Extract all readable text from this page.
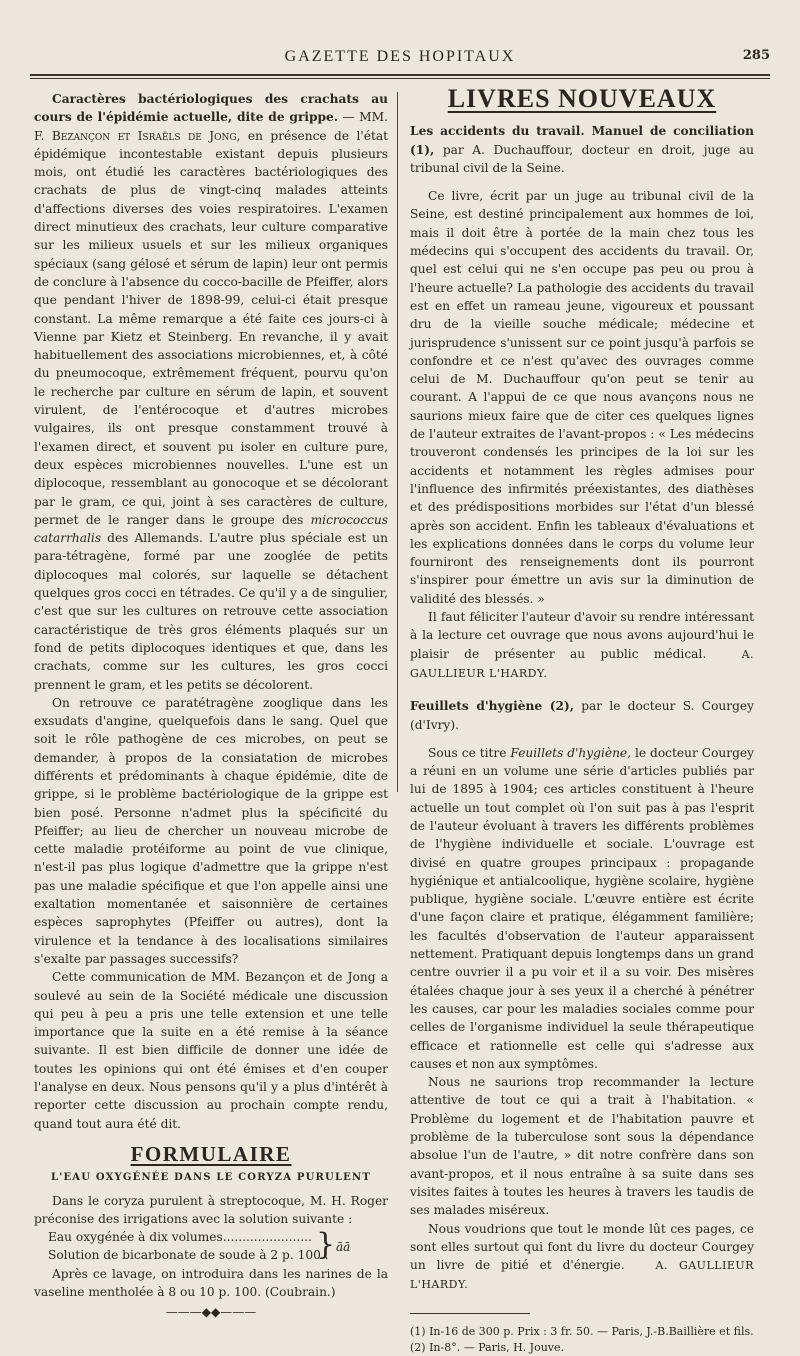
GAZETTE DES HOPITAUX	285

Caractères bactériologiques des crachats au cours de l'épidémie actuelle, dite de grippe. — MM. F. Bezançon et Israëls de Jong, en présence de l'état épidémique incontestable existant depuis plusieurs mois, ont étudié les caractères bactériologiques des crachats de plus de vingt-cinq malades atteints d'affections diverses des voies respiratoires. L'examen direct minutieux des crachats, leur culture comparative sur les milieux usuels et sur les milieux organiques spéciaux (sang gélosé et sérum de lapin) leur ont permis de conclure à l'absence du cocco-bacille de Pfeiffer, alors que pendant l'hiver de 1898-99, celui-ci était presque constant. La même remarque a été faite ces jours-ci à Vienne par Kietz et Steinberg. En revanche, il y avait habituellement des associations microbiennes, et, à côté du pneumocoque, extrêmement fréquent, pourvu qu'on le recherche par culture en sérum de lapin, et souvent virulent, de l'entérocoque et d'autres microbes vulgaires, ils ont presque constamment trouvé à l'examen direct, et souvent pu isoler en culture pure, deux espèces microbiennes nouvelles. L'une est un diplocoque, ressemblant au gonocoque et se décolorant par le gram, ce qui, joint à ses caractères de culture, permet de le ranger dans le groupe des micrococcus catarrhalis des Allemands. L'autre plus spéciale est un para-tétragène, formé par une zooglée de petits diplocoques mal colorés, sur laquelle se détachent quelques gros cocci en tétrades. Ce qu'il y a de singulier, c'est que sur les cultures on retrouve cette association caractéristique de très gros éléments plaqués sur un fond de petits diplocoques identiques et que, dans les crachats, comme sur les cultures, les gros cocci prennent le gram, et les petits se décolorent.

On retrouve ce paratétragène zooglique dans les exsudats d'angine, quelquefois dans le sang. Quel que soit le rôle pathogène de ces microbes, on peut se demander, à propos de la consiatation de microbes différents et prédominants à chaque épidémie, dite de grippe, si le problème bactériologique de la grippe est bien posé. Personne n'admet plus la spécificité du Pfeiffer; au lieu de chercher un nouveau microbe de cette maladie protéiforme au point de vue clinique, n'est-il pas plus logique d'admettre que la grippe n'est pas une maladie spécifique et que l'on appelle ainsi une exaltation momentanée et saisonnière de certaines espèces saprophytes (Pfeiffer ou autres), dont la virulence et la tendance à des localisations similaires s'exalte par passages successifs?

Cette communication de MM. Bezançon et de Jong a soulevé au sein de la Société médicale une discussion qui peu à peu a pris une telle extension et une telle importance que la suite en a été remise à la séance suivante. Il est bien difficile de donner une idée de toutes les opinions qui ont été émises et d'en couper l'analyse en deux. Nous pensons qu'il y a plus d'intérêt à reporter cette discussion au prochain compte rendu, quand tout aura été dit.

FORMULAIRE
L'EAU OXYGÉNÉE DANS LE CORYZA PURULENT

Dans le coryza purulent à streptocoque, M. H. Roger préconise des irrigations avec la solution suivante :

Eau oxygénée à dix volumes.......................
Solution de bicarbonate de soude à 2 p. 100..
} āā

Après ce lavage, on introduira dans les narines de la vaseline mentholée à 8 ou 10 p. 100. (Coubrain.)

———◆◆———
LIVRES NOUVEAUX

Les accidents du travail. Manuel de conciliation (1), par A. Duchauffour, docteur en droit, juge au tribunal civil de la Seine.

Ce livre, écrit par un juge au tribunal civil de la Seine, est destiné principalement aux hommes de loi, mais il doit être à portée de la main chez tous les médecins qui s'occupent des accidents du travail. Or, quel est celui qui ne s'en occupe pas peu ou prou à l'heure actuelle? La pathologie des accidents du travail est en effet un rameau jeune, vigoureux et poussant dru de la vieille souche médicale; médecine et jurisprudence s'unissent sur ce point jusqu'à parfois se confondre et ce n'est qu'avec des ouvrages comme celui de M. Duchauffour qu'on peut se tenir au courant. A l'appui de ce que nous avançons nous ne saurions mieux faire que de citer ces quelques lignes de l'auteur extraites de l'avant-propos : « Les médecins trouveront condensés les principes de la loi sur les accidents et notamment les règles admises pour l'influence des infirmités préexistantes, des diathèses et des prédispositions morbides sur l'état d'un blessé après son accident. Enfin les tableaux d'évaluations et les explications données dans le corps du volume leur fourniront des renseignements dont ils pourront s'inspirer pour émettre un avis sur la diminution de validité des blessés. »

Il faut féliciter l'auteur d'avoir su rendre intéressant à la lecture cet ouvrage que nous avons aujourd'hui le plaisir de présenter au public médical.	A. GAULLIEUR L'HARDY.

Feuillets d'hygiène (2), par le docteur S. Courgey (d'Ivry).

Sous ce titre Feuillets d'hygiène, le docteur Courgey a réuni en un volume une série d'articles publiés par lui de 1895 à 1904; ces articles constituent à l'heure actuelle un tout complet où l'on suit pas à pas l'esprit de l'auteur évoluant à travers les différents problèmes de l'hygiène individuelle et sociale. L'ouvrage est divisé en quatre groupes principaux : propagande hygiénique et antialcoolique, hygiène scolaire, hygiène publique, hygiène sociale. L'œuvre entière est écrite d'une façon claire et pratique, élégamment familière; les facultés d'observation de l'auteur apparaissent nettement. Pratiquant depuis longtemps dans un grand centre ouvrier il a pu voir et il a su voir. Des misères étalées chaque jour à ses yeux il a cherché à pénétrer les causes, car pour les maladies sociales comme pour celles de l'organisme individuel la seule thérapeutique efficace et rationnelle est celle qui s'adresse aux causes et non aux symptômes.

Nous ne saurions trop recommander la lecture attentive de tout ce qui a trait à l'habitation. « Problème du logement et de l'habitation pauvre et problème de la tuberculose sont sous la dépendance absolue l'un de l'autre, » dit notre confrère dans son avant-propos, et il nous entraîne à sa suite dans ses visites faites à toutes les heures à travers les taudis de ses malades miséreux.

Nous voudrions que tout le monde lût ces pages, ce sont elles surtout qui font du livre du docteur Courgey un livre de pitié et d'énergie.	A. GAULLIEUR L'HARDY.

(1) In-16 de 300 p. Prix : 3 fr. 50. — Paris, J.-B.Baillière et fils.
(2) In-8°. — Paris, H. Jouve.
